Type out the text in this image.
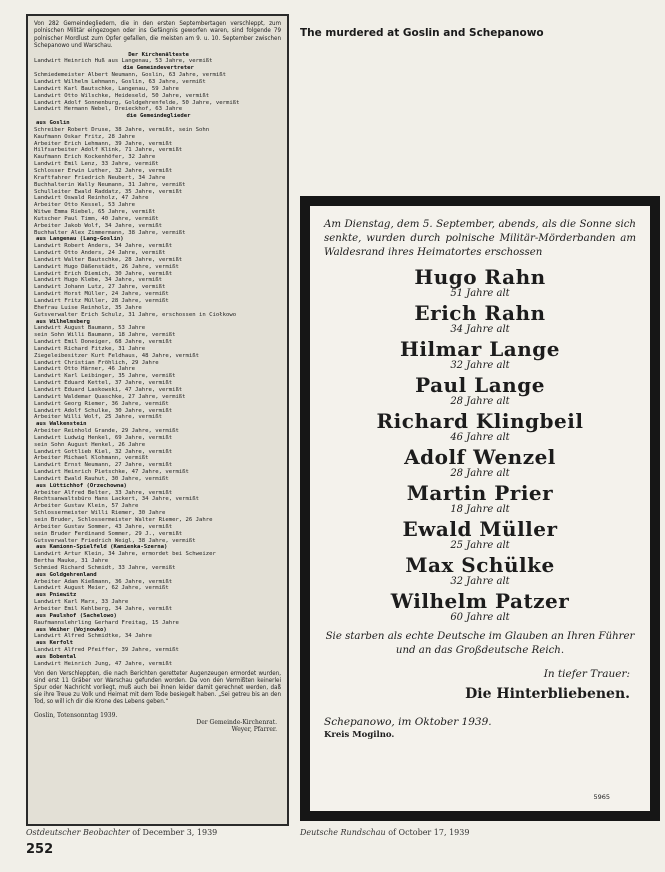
Von 282 Gemeindegliedern, die in den ersten Septembertagen verschleppt, zum polnischen Militär eingezogen oder ins Gefängnis geworfen waren, sind folgende 79 polnischer Mordlust zum Opfer gefallen, die meisten am 9. u. 10. September zwischen Schepanowo und Warschau.

Der Kirchenälteste
Landwirt Heinrich Huß aus Langenau, 53 Jahre, vermißt
die Gemeindevertreter
Schmiedemeister Albert Neumann, Goslin, 63 Jahre, vermißt
Landwirt Wilhelm Lehmann, Goslin, 63 Jahre, vermißt
Landwirt Karl Bautschke, Langenau, 59 Jahre
Landwirt Otto Wilschke, Heideseld, 50 Jahre, vermißt
Landwirt Adolf Sonnenburg, Goldgehrenfelde, 50 Jahre, vermißt
Landwirt Hermann Nebel, Dreieckhof, 63 Jahre
die Gemeindeglieder
aus Goslin
Schreiber Robert Druse, 38 Jahre, vermißt, sein Sohn
Kaufmann Oskar Fritz, 28 Jahre
Arbeiter Erich Lehmann, 39 Jahre, vermißt
Hilfsarbeiter Adolf Klink, 71 Jahre, vermißt
Kaufmann Erich Kockenhöfer, 32 Jahre
Landwirt Emil Lenz, 33 Jahre, vermißt
Schlosser Erwin Luther, 32 Jahre, vermißt
Kraftfahrer Friedrich Neubert, 34 Jahre
Buchhalterin Wally Neumann, 31 Jahre, vermißt
Schulleiter Ewald Raddatz, 35 Jahre, vermißt
Landwirt Oswald Reinholz, 47 Jahre
Arbeiter Otto Kessel, 53 Jahre
Witwe Emma Riebel, 65 Jahre, vermißt
Kutscher Paul Timm, 40 Jahre, vermißt
Arbeiter Jakob Wolf, 34 Jahre, vermißt
Buchhalter Alex Zimmermann, 38 Jahre, vermißt
aus Langenau (Lang-Goslin)
Landwirt Robert Anders, 34 Jahre, vermißt
Landwirt Otto Anders, 24 Jahre, vermißt
Landwirt Walter Bautschke, 28 Jahre, vermißt
Landwirt Hugo Däßenstädt, 26 Jahre, vermißt
Landwirt Erich Diemich, 30 Jahre, vermißt
Landwirt Hugo Klebe, 34 Jahre, vermißt
Landwirt Johann Lutz, 27 Jahre, vermißt
Landwirt Horst Müller, 24 Jahre, vermißt
Landwirt Fritz Müller, 28 Jahre, vermißt
Ehefrau Luise Reinholz, 35 Jahre
Gutsverwalter Erich Schulz, 31 Jahre, erschossen in Ciołkowo
aus Wilhelmsberg
Landwirt August Baumann, 53 Jahre
sein Sohn Willi Baumann, 18 Jahre, vermißt
Landwirt Emil Doneiger, 68 Jahre, vermißt
Landwirt Richard Fitzke, 31 Jahre
Ziegeleibesitzer Kurt Feldhaus, 48 Jahre, vermißt
Landwirt Christian Fröhlich, 29 Jahre
Landwirt Otto Härner, 46 Jahre
Landwirt Karl Leibinger, 35 Jahre, vermißt
Landwirt Eduard Kettel, 37 Jahre, vermißt
Landwirt Eduard Laskowski, 47 Jahre, vermißt
Landwirt Waldemar Quaschke, 27 Jahre, vermißt
Landwirt Georg Riemer, 36 Jahre, vermißt
Landwirt Adolf Schulke, 30 Jahre, vermißt
Arbeiter Willi Wolf, 25 Jahre, vermißt
aus Walkenstein
Arbeiter Reinhold Grande, 29 Jahre, vermißt
Landwirt Ludwig Henkel, 69 Jahre, vermißt
sein Sohn August Henkel, 26 Jahre
Landwirt Gottlieb Kiel, 32 Jahre, vermißt
Arbeiter Michael Klohmann, vermißt
Landwirt Ernst Neumann, 27 Jahre, vermißt
Landwirt Heinrich Pietschke, 47 Jahre, vermißt
Landwirt Ewald Rauhut, 30 Jahre, vermißt
aus Lüttichhof (Orzechowna)
Arbeiter Alfred Belter, 33 Jahre, vermißt
Rechtsanwaltsbüro Hans Lackert, 34 Jahre, vermißt
Arbeiter Gustav Klein, 57 Jahre
Schlossermeister Willi Riemer, 30 Jahre
sein Bruder, Schlossermeister Walter Riemer, 26 Jahre
Arbeiter Gustav Sommer, 43 Jahre, vermißt
sein Bruder Ferdinand Sommer, 29 J., vermißt
Gutsverwalter Friedrich Weigl, 38 Jahre, vermißt
aus Kamionn-Spielfeld (Kamienka-Szerna)
Landwirt Artur Klein, 34 Jahre, ermordet bei Schweizer
Bertha Mauke, 31 Jahre
Schmied Richard Schmidt, 33 Jahre, vermißt
aus Goldgehrenland
Arbeiter Adam Kießmann, 36 Jahre, vermißt
Landwirt August Meier, 62 Jahre, vermißt
aus Pniewitz
Landwirt Karl Marx, 33 Jahre
Arbeiter Emil Kehlberg, 34 Jahre, vermißt
aus Paulshof (Sachelowo)
Raufmannslehrling Gerhard Freitag, 15 Jahre
aus Weiher (Wojnowko)
Landwirt Alfred Schmidtke, 34 Jahre
aus Kerfolt
Landwirt Alfred Pfeiffer, 39 Jahre, vermißt
aus Bobental
Landwirt Heinrich Jung, 47 Jahre, vermißt

Von den Verschleppten, die nach Berichten geretteter Augenzeugen ermordet wurden, sind erst 11 Gräber vor Warschau gefunden worden. Da von den Vermißten keinerlei Spur oder Nachricht vorliegt, muß auch bei ihnen leider damit gerechnet werden, daß sie ihre Treue zu Volk und Heimat mit dem Tode besiegelt haben. „Sei getreu bis an den Tod, so will ich dir die Krone des Lebens geben.“

Goslin, Totensonntag 1939.
Der Gemeinde-Kirchenrat.
Weyer, Pfarrer.
The murdered at Goslin and Schepanowo

Am Dienstag, dem 5. September, abends, als die Sonne sich senkte, wurden durch polnische Militär-Mörderbanden am Waldesrand ihres Heimatortes erschossen

Hugo Rahn
51 Jahre alt
Erich Rahn
34 Jahre alt
Hilmar Lange
32 Jahre alt
Paul Lange
28 Jahre alt
Richard Klingbeil
46 Jahre alt
Adolf Wenzel
28 Jahre alt
Martin Prier
18 Jahre alt
Ewald Müller
25 Jahre alt
Max Schülke
32 Jahre alt
Wilhelm Patzer
60 Jahre alt
Sie starben als echte Deutsche im Glauben an Ihren Führer und an das Großdeutsche Reich.
In tiefer Trauer:
Die Hinterbliebenen.
Schepanowo, im Oktober 1939.
Kreis Mogilno.
5965
Ostdeutscher Beobachter of December 3, 1939	Deutsche Rundschau of October 17, 1939
252
